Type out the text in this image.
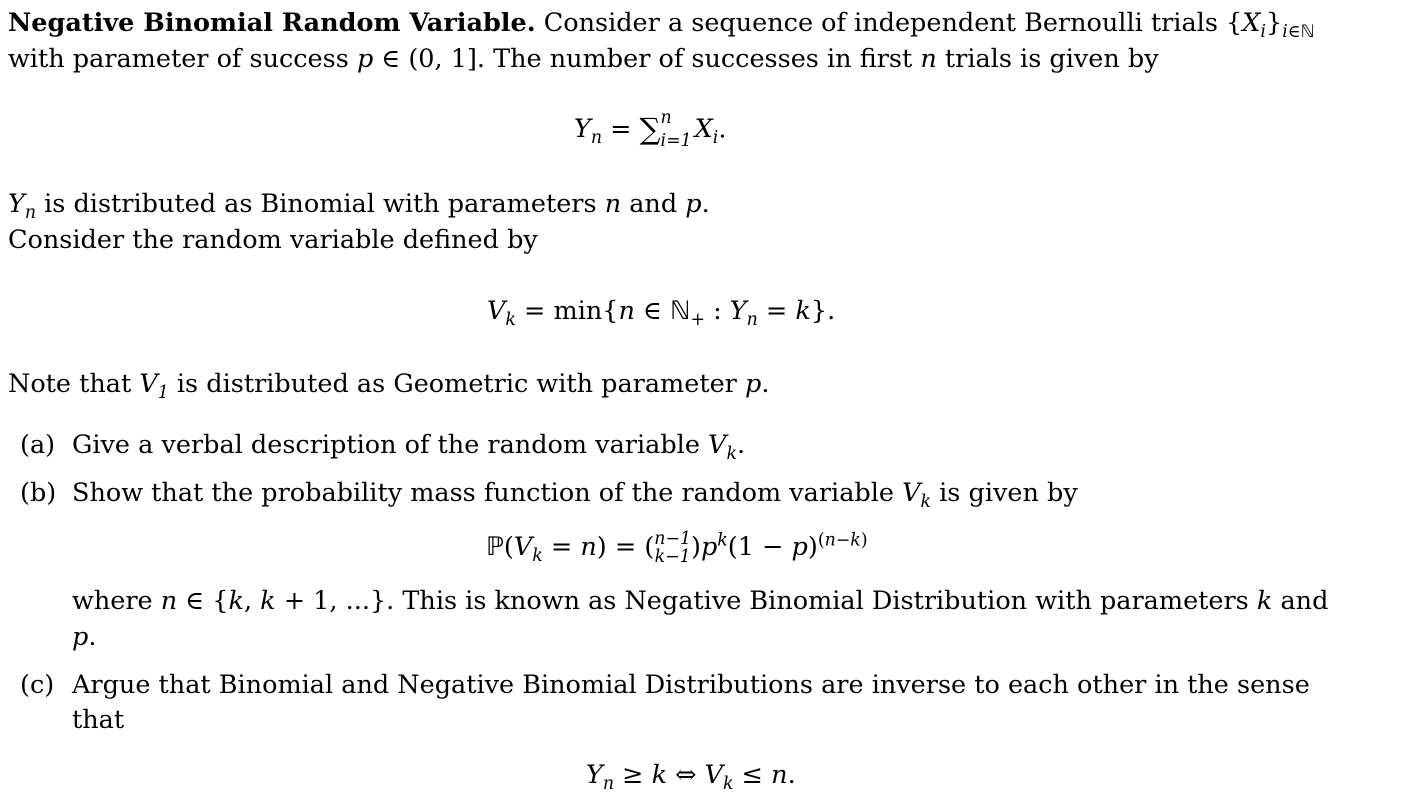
Negative Binomial Random Variable. Consider a sequence of independent Bernoulli trials $\{X_i\}_{i\in ℕ}$
with parameter of success p ∈ (0, 1]. The number of successes in first n trials is given by
$Y_n$ = ∑ n
i=1 $X_i$.
$Y_n$ is distributed as Binomial with parameters n and p.
Consider the random variable defined by
$V_k = \min\{n$ ∈ ℕ$_+$ : $Y_n = k$}.
Note that $V_1$ is distributed as Geometric with parameter p.
(a) Give a verbal description of the random variable $V_k$.
(b) Show that the probability mass function of the random variable $V_k$ is given by
$ℙ(V_k = n)$ = ( n−1
k−1 )$p^k(1 - p)^{(n-k)}$
where n ∈ {k, k + 1, ...}. This is known as Negative Binomial Distribution with parameters k and
p.
(c) Argue that Binomial and Negative Binomial Distributions are inverse to each other in the sense
that
$Y_n \ge k$ ⇔ $V_k \le n$.
